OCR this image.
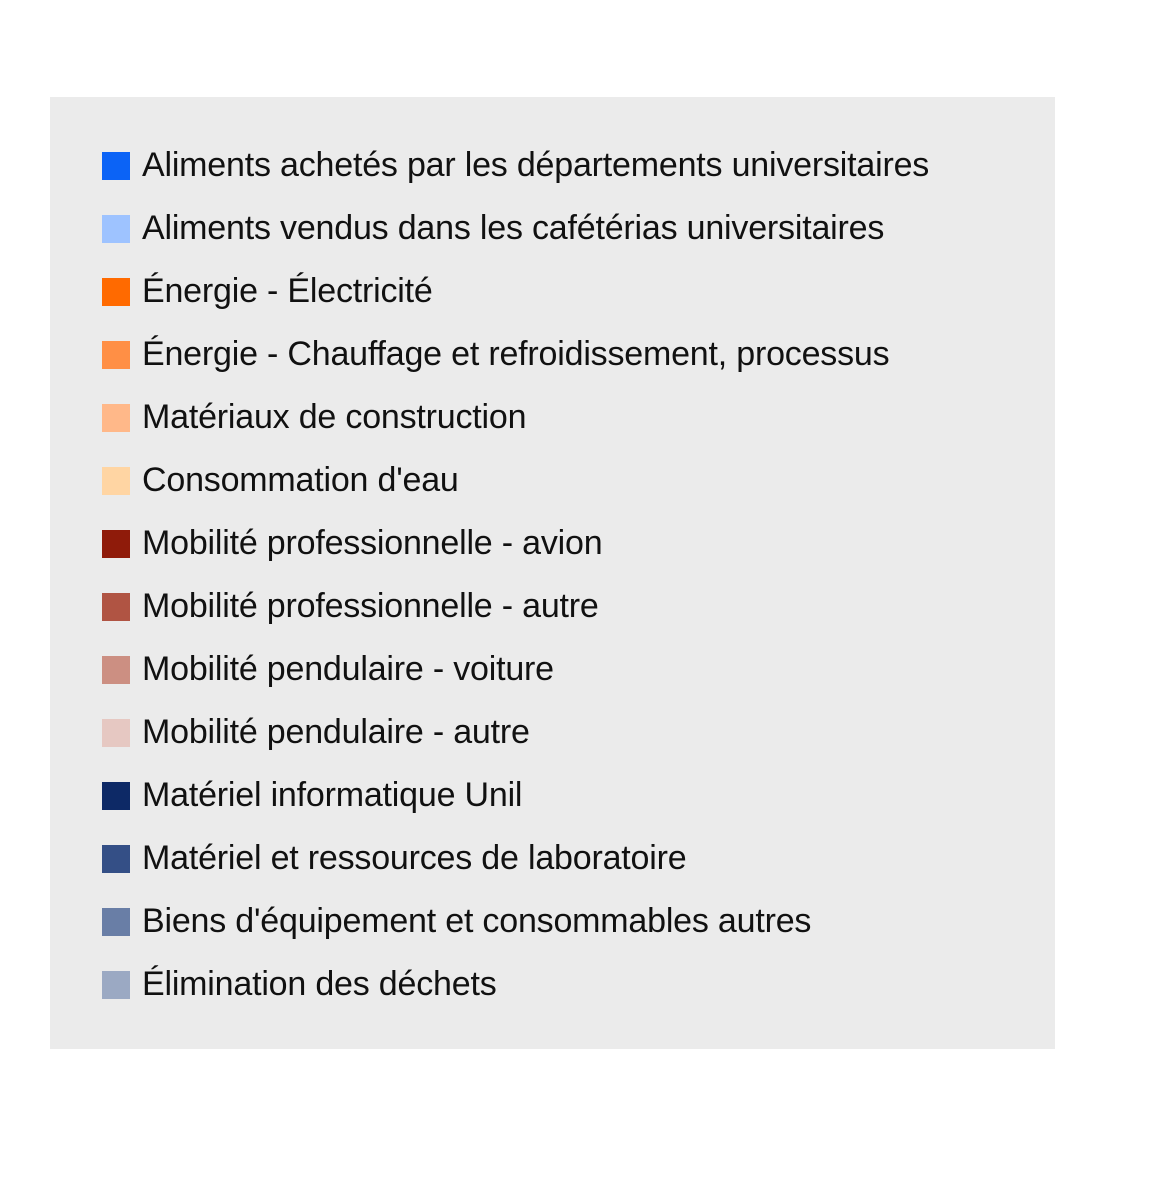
Aliments achetés par les départements universitaires
Aliments vendus dans les cafétérias universitaires
Énergie - Électricité
Énergie - Chauffage et refroidissement, processus
Matériaux de construction
Consommation d'eau
Mobilité professionnelle - avion
Mobilité professionnelle - autre
Mobilité pendulaire - voiture
Mobilité pendulaire - autre
Matériel informatique Unil
Matériel et ressources de laboratoire
Biens d'équipement et consommables autres
Élimination des déchets
